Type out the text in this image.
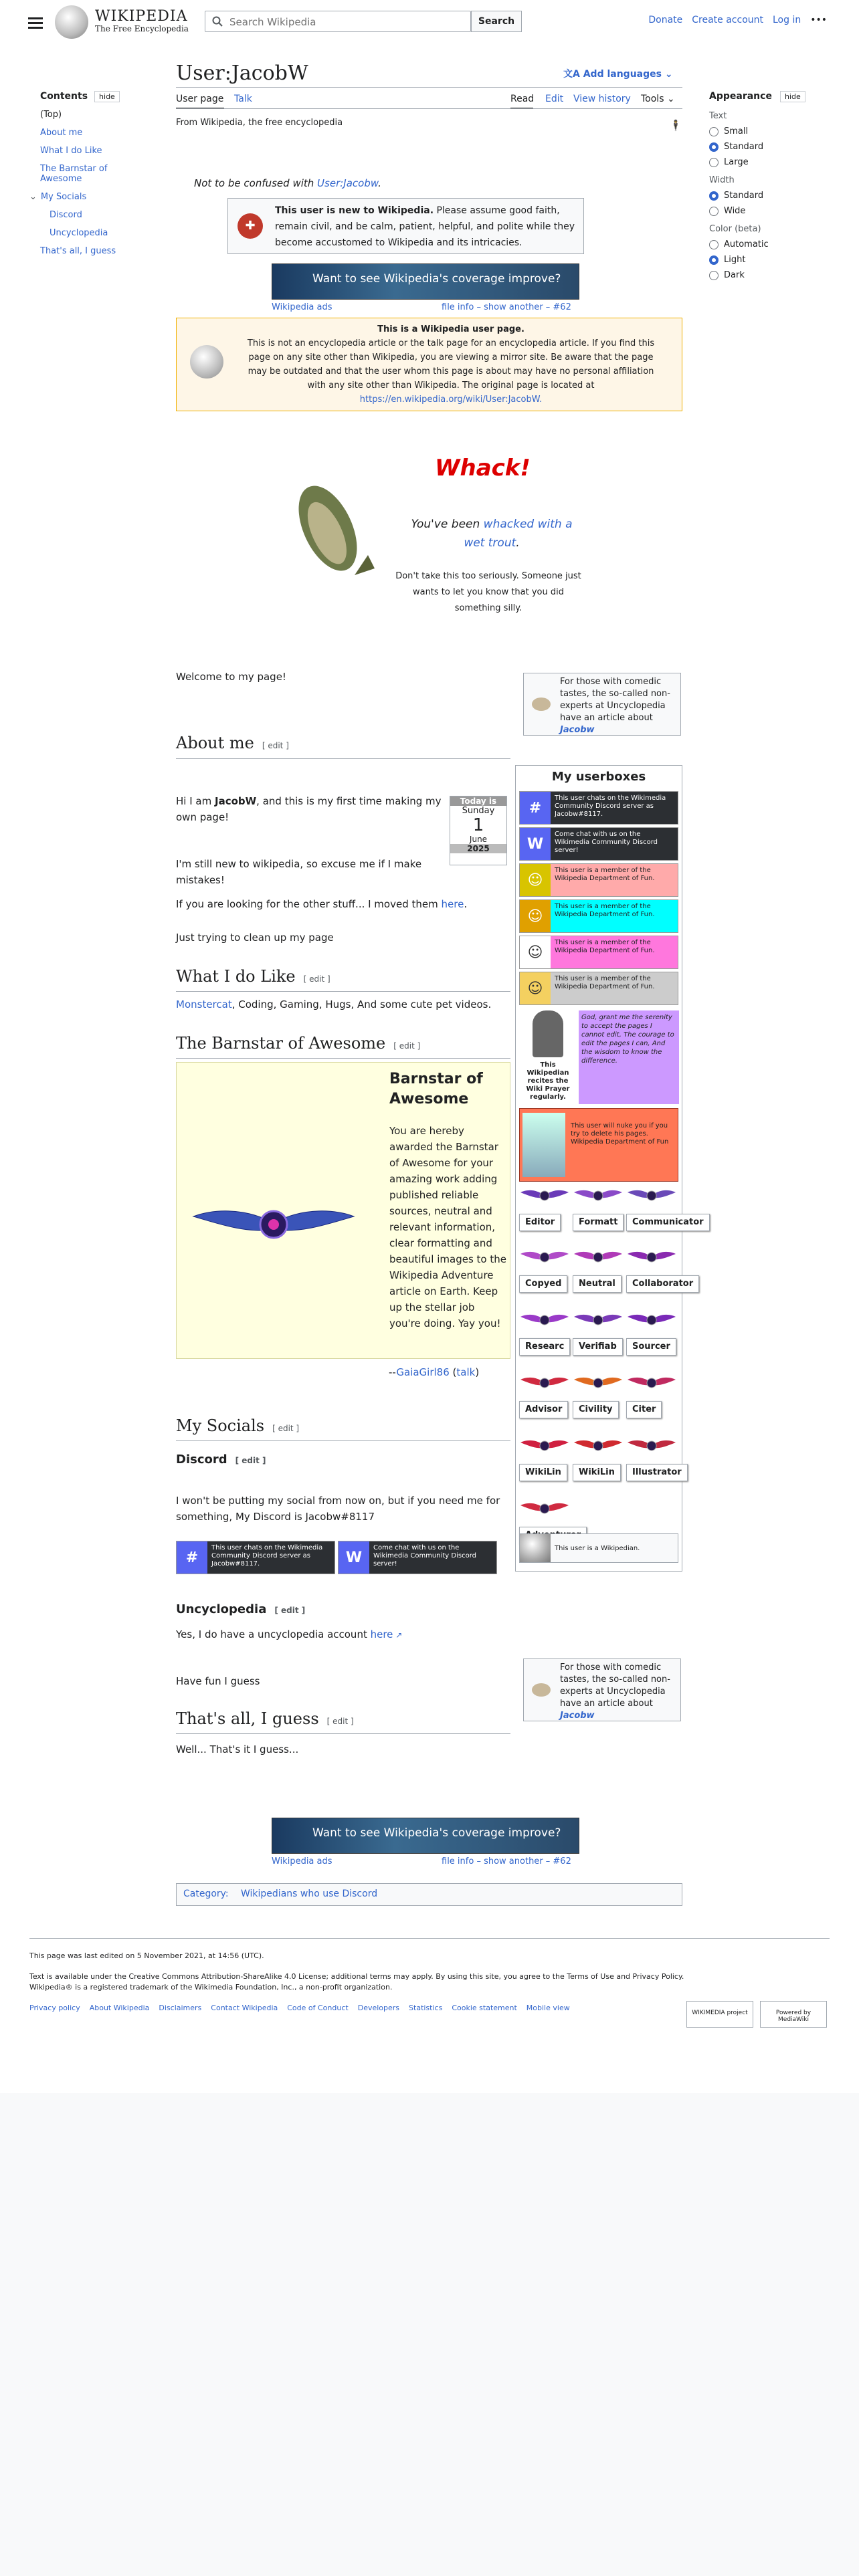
WIKIPEDIA
The Free Encyclopedia
Search Wikipedia
Search	Donate Create account Log in •••
Contents hide
(Top)
About me
What I do Like
The Barnstar of Awesome
⌄ My Socials
Discord
Uncyclopedia
That's all, I guess
User:JacobW	文A Add languages ⌄
User page Talk	Read Edit View history Tools ⌄
From Wikipedia, the free encyclopedia	🕴
Not to be confused with User:Jacobw.
✚
This user is new to Wikipedia. Please assume good faith, remain civil, and be calm, patient, helpful, and polite while they become accustomed to Wikipedia and its intricacies.
Want to see Wikipedia's coverage improve?
Wikipedia ads	file info – show another – #62
This is a Wikipedia user page.
This is not an encyclopedia article or the talk page for an encyclopedia article. If you find this page on any site other than Wikipedia, you are viewing a mirror site. Be aware that the page may be outdated and that the user whom this page is about may have no personal affiliation with any site other than Wikipedia. The original page is located at
https://en.wikipedia.org/wiki/User:JacobW.
Whack!
You've been whacked with a wet trout.
Don't take this too seriously. Someone just wants to let you know that you did something silly.
Welcome to my page!	For those with comedic tastes, the so-called non-experts at Uncyclopedia have an article about Jacobw
About me [ edit ]
Hi I am JacobW, and this is my first time making my own page!
I'm still new to wikipedia, so excuse me if I make mistakes!
If you are looking for the other stuff... I moved them here.
Just trying to clean up my page
Today is
Sunday
1
June
2025
What I do Like [ edit ]
Monstercat, Coding, Gaming, Hugs, And some cute pet videos.
The Barnstar of Awesome [ edit ]
Barnstar of Awesome
You are hereby awarded the Barnstar of Awesome for your amazing work adding published reliable sources, neutral and relevant information, clear formatting and beautiful images to the Wikipedia Adventure article on Earth. Keep up the stellar job you're doing. Yay you!
--GaiaGirl86 (talk)
My Socials [ edit ]
Discord [ edit ]
I won't be putting my social from now on, but if you need me for something, My Discord is Jacobw#8117
#
This user chats on the Wikimedia Community Discord server as Jacobw#8117.	W
Come chat with us on the Wikimedia Community Discord server!
Uncyclopedia [ edit ]
Yes, I do have a uncyclopedia account here ↗
Have fun I guess
For those with comedic tastes, the so-called non-experts at Uncyclopedia have an article about Jacobw
That's all, I guess [ edit ]
Well... That's it I guess...
Want to see Wikipedia's coverage improve?
Wikipedia ads	file info – show another – #62
Category: Wikipedians who use Discord
My userboxes
#
This user chats on the Wikimedia Community Discord server as Jacobw#8117.
W
Come chat with us on the Wikimedia Community Discord server!
☺
This user is a member of the Wikipedia Department of Fun.
☺
This user is a member of the Wikipedia Department of Fun.
☺
This user is a member of the Wikipedia Department of Fun.
☺
This user is a member of the Wikipedia Department of Fun.
This Wikipedian recites the Wiki Prayer regularly.
God, grant me the serenity to accept the pages I cannot edit, The courage to edit the pages I can, And the wisdom to know the difference.
This user will nuke you if you try to delete his pages. Wikipedia Department of Fun
Editor	Formatt	Communicator
Copyed	Neutral	Collaborator
Researc	Verifiab	Sourcer
Advisor	Civility	Citer
WikiLin	WikiLin	Illustrator
This user is a Wikipedian.
Appearance hide
Text
Small
Standard
Large
Width
Standard
Wide
Color (beta)
Automatic
Light
Dark
This page was last edited on 5 November 2021, at 14:56 (UTC).
Text is available under the Creative Commons Attribution-ShareAlike 4.0 License; additional terms may apply. By using this site, you agree to the Terms of Use and Privacy Policy. Wikipedia® is a registered trademark of the Wikimedia Foundation, Inc., a non-profit organization.
Privacy policy About Wikipedia Disclaimers Contact Wikipedia Code of Conduct Developers Statistics Cookie statement Mobile view
WIKIMEDIA project	Powered by MediaWiki
